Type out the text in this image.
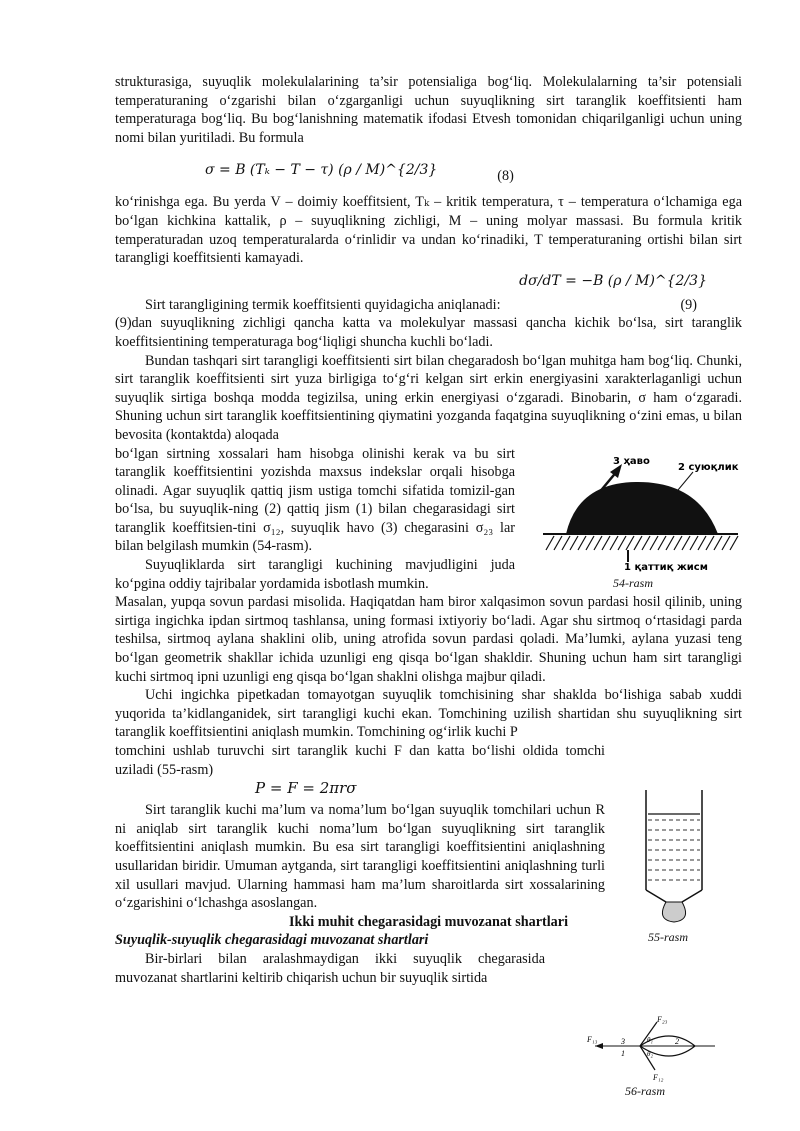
strukturasiga, suyuqlik molekulalarining ta’sir potensialiga bog‘liq. Molekulalarning ta’sir potensiali temperaturaning o‘zgarishi bilan o‘zgarganligi uchun suyuqlikning sirt taranglik koeffitsienti ham temperaturaga bog‘liq. Bu bog‘lanishning matematik ifodasi Etvesh tomonidan chiqarilganligi uchun uning nomi bilan yuritiladi. Bu formula

σ = B (Tₖ − T − τ) (ρ / M)^{2/3}	(8)

ko‘rinishga ega. Bu yerda V – doimiy koeffitsient, Tₖ – kritik temperatura, τ – temperatura o‘lchamiga ega bo‘lgan kichkina kattalik, ρ – suyuqlikning zichligi, M – uning molyar massasi. Bu formula kritik temperaturadan uzoq temperaturalarda o‘rinlidir va undan ko‘rinadiki, T temperaturaning ortishi bilan sirt tarangligi koeffitsienti kamayadi.

dσ/dT = −B (ρ / M)^{2/3}

Sirt tarangligining termik koeffitsienti quyidagicha aniqlanadi:	(9)

(9)dan suyuqlikning zichligi qancha katta va molekulyar massasi qancha kichik bo‘lsa, sirt taranglik koeffitsientining temperaturaga bog‘liqligi shuncha kuchli bo‘ladi.

Bundan tashqari sirt tarangligi koeffitsienti sirt bilan chegaradosh bo‘lgan muhitga ham bog‘liq. Chunki, sirt taranglik koeffitsienti sirt yuza birligiga to‘g‘ri kelgan sirt erkin energiyasini xarakterlaganligi uchun suyuqlik sirtiga boshqa modda tegizilsa, uning erkin energiyasi o‘zgaradi. Binobarin, σ ham o‘zgaradi. Shuning uchun sirt taranglik koeffitsientining qiymatini yozganda faqatgina suyuqlikning o‘zini emas, u bilan bevosita (kontaktda) aloqada

bo‘lgan sirtning xossalari ham hisobga olinishi kerak va bu sirt taranglik koeffitsientini yozishda maxsus indekslar orqali hisobga olinadi. Agar suyuqlik qattiq jism ustiga tomchi sifatida tomizil-gan bo‘lsa, bu suyuqlik-ning (2) qattiq jism (1) bilan chegarasidagi sirt taranglik koeffitsien-tini σ₁₂, suyuqlik havo (3) chegarasini σ₂₃ lar bilan belgilash mumkin (54-rasm).

Suyuqliklarda sirt tarangligi kuchining mavjudligini juda ko‘pgina oddiy tajribalar yordamida isbotlash mumkin.

Masalan, yupqa sovun pardasi misolida. Haqiqatdan ham biror xalqasimon sovun pardasi hosil qilinib, uning sirtiga ingichka ipdan sirtmoq tashlansa, uning formasi ixtiyoriy bo‘ladi. Agar shu sirtmoq o‘rtasidagi parda teshilsa, sirtmoq aylana shaklini olib, uning atrofida sovun pardasi qoladi. Ma’lumki, aylana yuzasi teng bo‘lgan geometrik shakllar ichida uzunligi eng qisqa bo‘lgan shakldir. Shuning uchun ham sirt tarangligi kuchi sirtmoq ipni uzunligi eng qisqa bo‘lgan shaklni olishga majbur qiladi.

Uchi ingichka pipetkadan tomayotgan suyuqlik tomchisining shar shaklda bo‘lishiga sabab xuddi yuqorida ta’kidlanganidek, sirt tarangligi kuchi ekan. Tomchining uzilish shartidan shu suyuqlikning sirt taranglik koeffitsientini aniqlash mumkin. Tomchining og‘irlik kuchi P

tomchini ushlab turuvchi sirt taranglik kuchi F dan katta bo‘lishi oldida tomchi uziladi (55-rasm)

P = F = 2πrσ

Sirt taranglik kuchi ma’lum va noma’lum bo‘lgan suyuqlik tomchilari uchun R ni aniqlab sirt taranglik kuchi noma’lum bo‘lgan suyuqlikning sirt taranglik koeffitsientini aniqlash mumkin. Bu esa sirt tarangligi koeffitsientini aniqlashning usullaridan biridir. Umuman aytganda, sirt tarangligi koeffitsientini aniqlashning turli xil usullari mavjud. Ularning hammasi ham ma’lum sharoitlarda sirt xossalarining o‘zgarishini o‘lchashga asoslangan.

Ikki muhit chegarasidagi muvozanat shartlari

Suyuqlik-suyuqlik chegarasidagi muvozanat shartlari

Bir-birlari bilan aralashmaydigan ikki suyuqlik chegarasida muvozanat shartlarini keltirib chiqarish uchun bir suyuqlik sirtida

3 ҳаво
2 суюқлик
1 қаттиқ жисм
54-rasm
55-rasm
F₂₃
F₁₃
F₁₂
3
1
2
θ₁
θ₂
56-rasm
